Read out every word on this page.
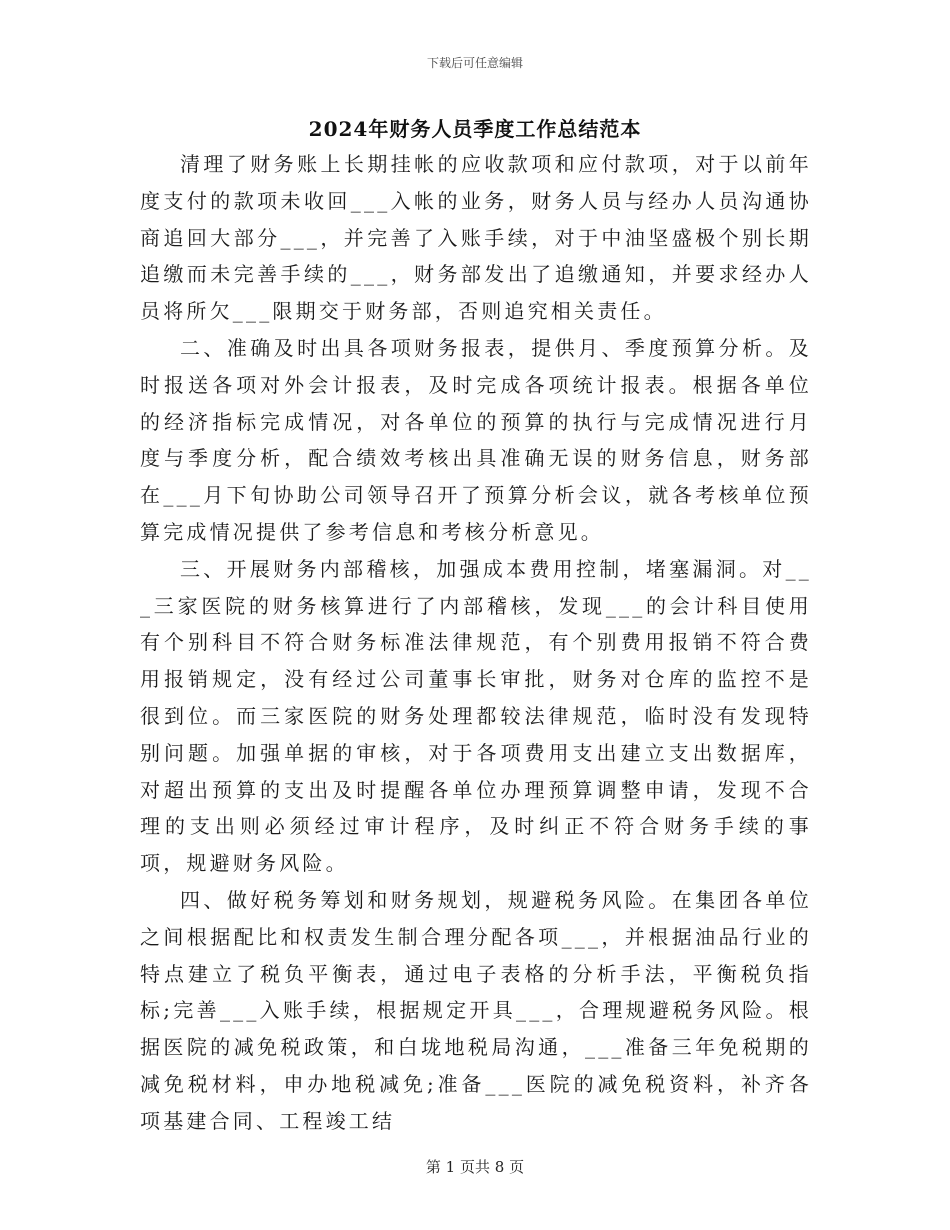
下载后可任意编辑
2024年财务人员季度工作总结范本

清理了财务账上长期挂帐的应收款项和应付款项，对于以前年度支付的款项未收回___入帐的业务，财务人员与经办人员沟通协商追回大部分___，并完善了入账手续，对于中油坚盛极个别长期追缴而未完善手续的___，财务部发出了追缴通知，并要求经办人员将所欠___限期交于财务部，否则追究相关责任。

二、准确及时出具各项财务报表，提供月、季度预算分析。及时报送各项对外会计报表，及时完成各项统计报表。根据各单位的经济指标完成情况，对各单位的预算的执行与完成情况进行月度与季度分析，配合绩效考核出具准确无误的财务信息，财务部在___月下旬协助公司领导召开了预算分析会议，就各考核单位预算完成情况提供了参考信息和考核分析意见。

三、开展财务内部稽核，加强成本费用控制，堵塞漏洞。对___三家医院的财务核算进行了内部稽核，发现___的会计科目使用有个别科目不符合财务标准法律规范，有个别费用报销不符合费用报销规定，没有经过公司董事长审批，财务对仓库的监控不是很到位。而三家医院的财务处理都较法律规范，临时没有发现特别问题。加强单据的审核，对于各项费用支出建立支出数据库，对超出预算的支出及时提醒各单位办理预算调整申请，发现不合理的支出则必须经过审计程序，及时纠正不符合财务手续的事项，规避财务风险。

四、做好税务筹划和财务规划，规避税务风险。在集团各单位之间根据配比和权责发生制合理分配各项___，并根据油品行业的特点建立了税负平衡表，通过电子表格的分析手法，平衡税负指标;完善___入账手续，根据规定开具___，合理规避税务风险。根据医院的减免税政策，和白垅地税局沟通，___准备三年免税期的减免税材料，申办地税减免;准备___医院的减免税资料，补齐各项基建合同、工程竣工结

第 1 页共 8 页
